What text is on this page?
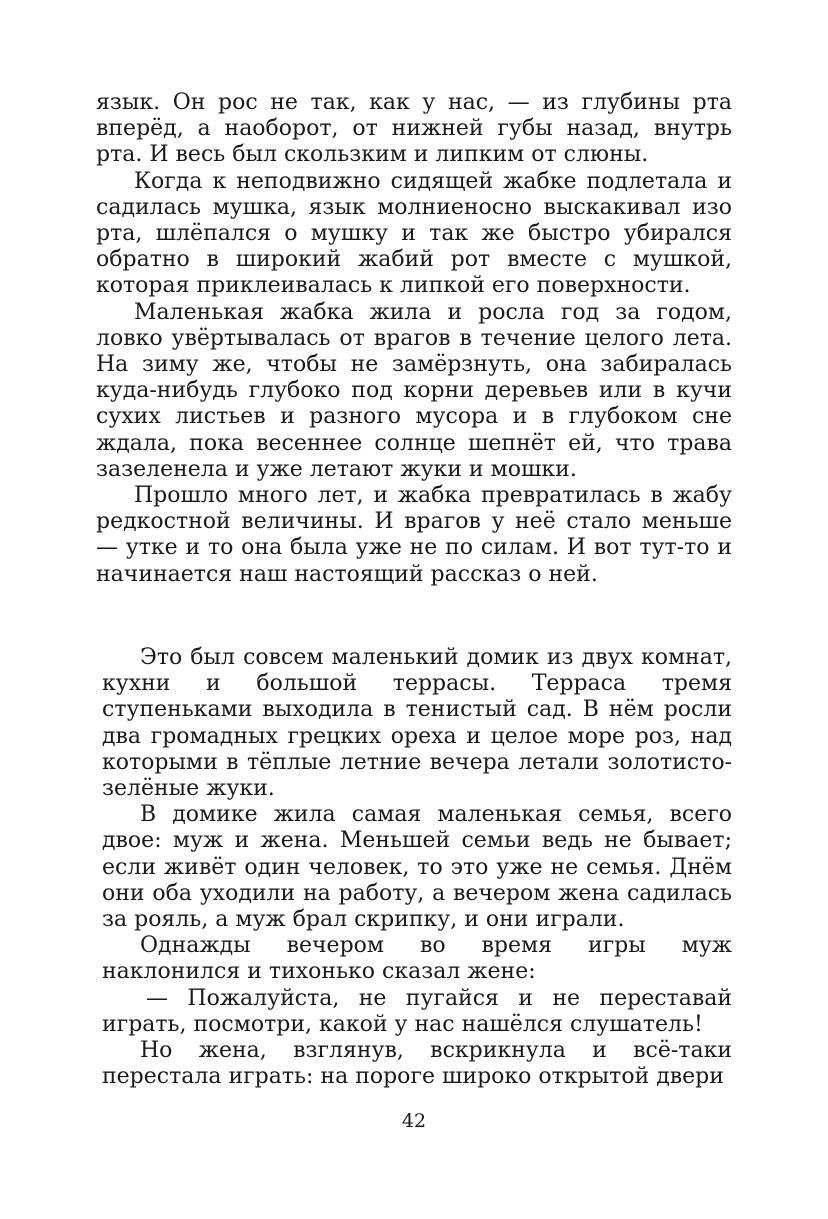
язык. Он рос не так, как у нас, — из глубины рта вперёд, а наоборот, от нижней губы назад, внутрь рта. И весь был скользким и липким от слюны.

Когда к неподвижно сидящей жабке подлетала и садилась мушка, язык молниеносно выскакивал изо рта, шлёпался о мушку и так же быстро убирался обратно в широкий жабий рот вместе с мушкой, которая приклеивалась к липкой его поверхности.

Маленькая жабка жила и росла год за годом, ловко увёртывалась от врагов в течение целого лета. На зиму же, чтобы не замёрзнуть, она забиралась куда-нибудь глубоко под корни деревьев или в кучи сухих листьев и разного мусора и в глубоком сне ждала, пока весеннее солнце шепнёт ей, что трава зазеленела и уже летают жуки и мошки.

Прошло много лет, и жабка превратилась в жабу редкостной величины. И врагов у неё стало меньше — утке и то она была уже не по силам. И вот тут-то и начинается наш настоящий рассказ о ней.

Это был совсем маленький домик из двух комнат, кухни и большой террасы. Терраса тремя ступеньками выходила в тенистый сад. В нём росли два громадных грецких ореха и целое море роз, над которыми в тёплые летние вечера летали золотисто-зелёные жуки.

В домике жила самая маленькая семья, всего двое: муж и жена. Меньшей семьи ведь не бывает; если живёт один человек, то это уже не семья. Днём они оба уходили на работу, а вечером жена садилась за рояль, а муж брал скрипку, и они играли.

Однажды вечером во время игры муж наклонился и тихонько сказал жене:

— Пожалуйста, не пугайся и не переставай играть, посмотри, какой у нас нашёлся слушатель!

Но жена, взглянув, вскрикнула и всё-таки перестала играть: на пороге широко открытой двери

42
